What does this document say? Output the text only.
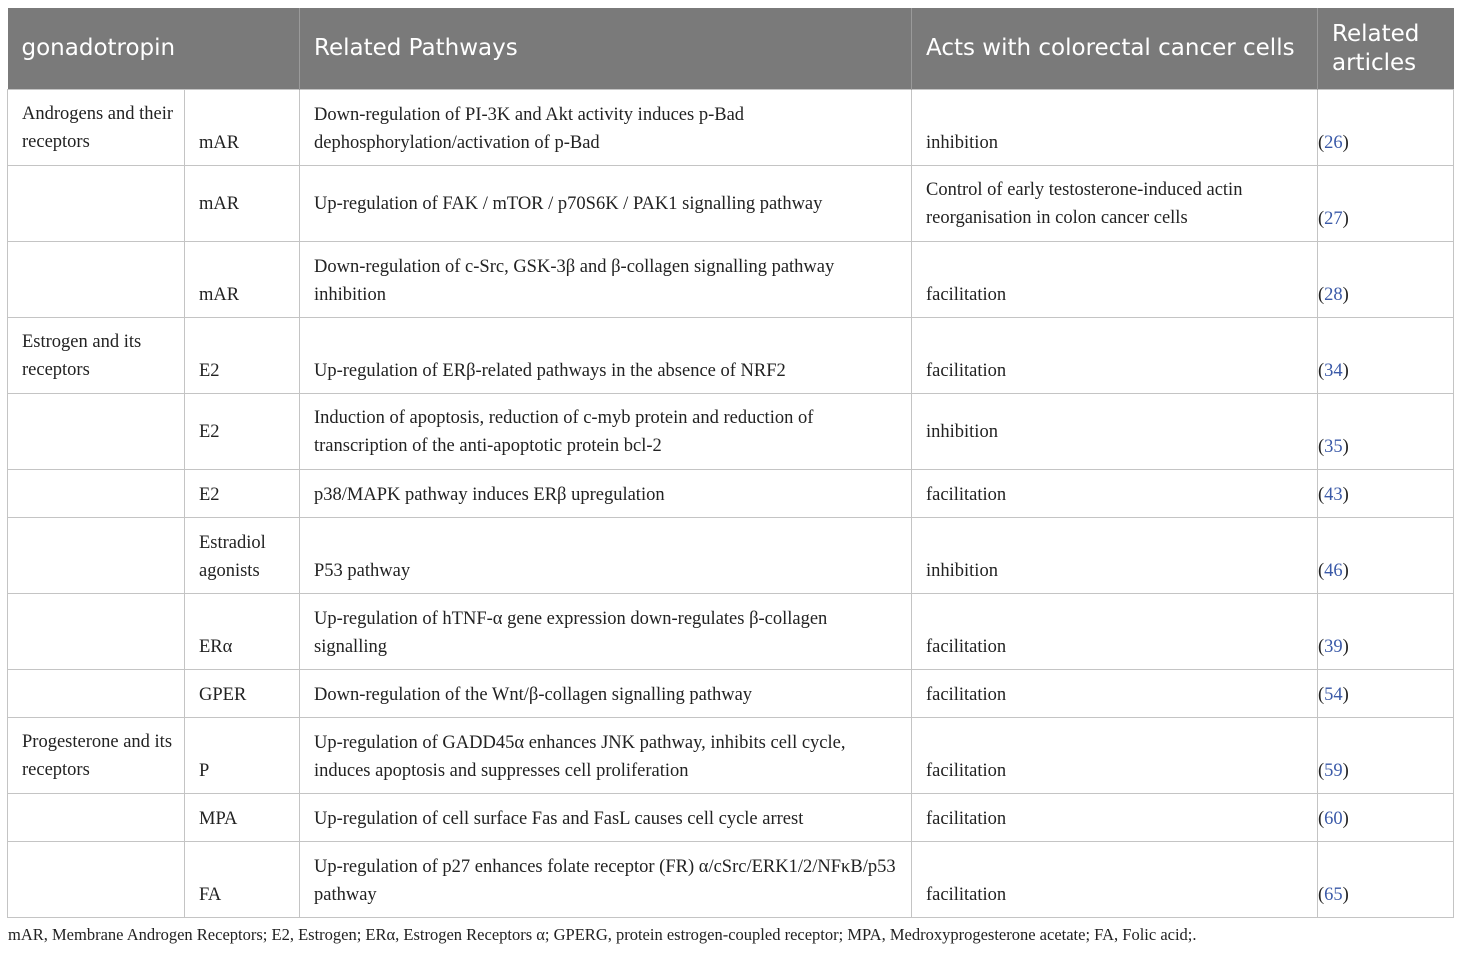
gonadotropin		Related Pathways	Acts with colorectal cancer cells	Related articles
Androgens and their receptors	mAR	Down-regulation of PI-3K and Akt activity induces p-Bad dephosphorylation/activation of p-Bad	inhibition	(26)
	mAR	Up-regulation of FAK / mTOR / p70S6K / PAK1 signalling pathway	Control of early testosterone-induced actin reorganisation in colon cancer cells	(27)
	mAR	Down-regulation of c-Src, GSK-3β and β-collagen signalling pathway inhibition	facilitation	(28)
Estrogen and its receptors	E2	Up-regulation of ERβ-related pathways in the absence of NRF2	facilitation	(34)
	E2	Induction of apoptosis, reduction of c-myb protein and reduction of transcription of the anti-apoptotic protein bcl-2	inhibition	(35)
	E2	p38/MAPK pathway induces ERβ upregulation	facilitation	(43)
	Estradiol agonists	P53 pathway	inhibition	(46)
	ERα	Up-regulation of hTNF-α gene expression down-regulates β-collagen signalling	facilitation	(39)
	GPER	Down-regulation of the Wnt/β-collagen signalling pathway	facilitation	(54)
Progesterone and its receptors	P	Up-regulation of GADD45α enhances JNK pathway, inhibits cell cycle, induces apoptosis and suppresses cell proliferation	facilitation	(59)
	MPA	Up-regulation of cell surface Fas and FasL causes cell cycle arrest	facilitation	(60)
	FA	Up-regulation of p27 enhances folate receptor (FR) α/cSrc/ERK1/2/NFκB/p53 pathway	facilitation	(65)
mAR, Membrane Androgen Receptors; E2, Estrogen; ERα, Estrogen Receptors α; GPERG, protein estrogen-coupled receptor; MPA, Medroxyprogesterone acetate; FA, Folic acid;.
